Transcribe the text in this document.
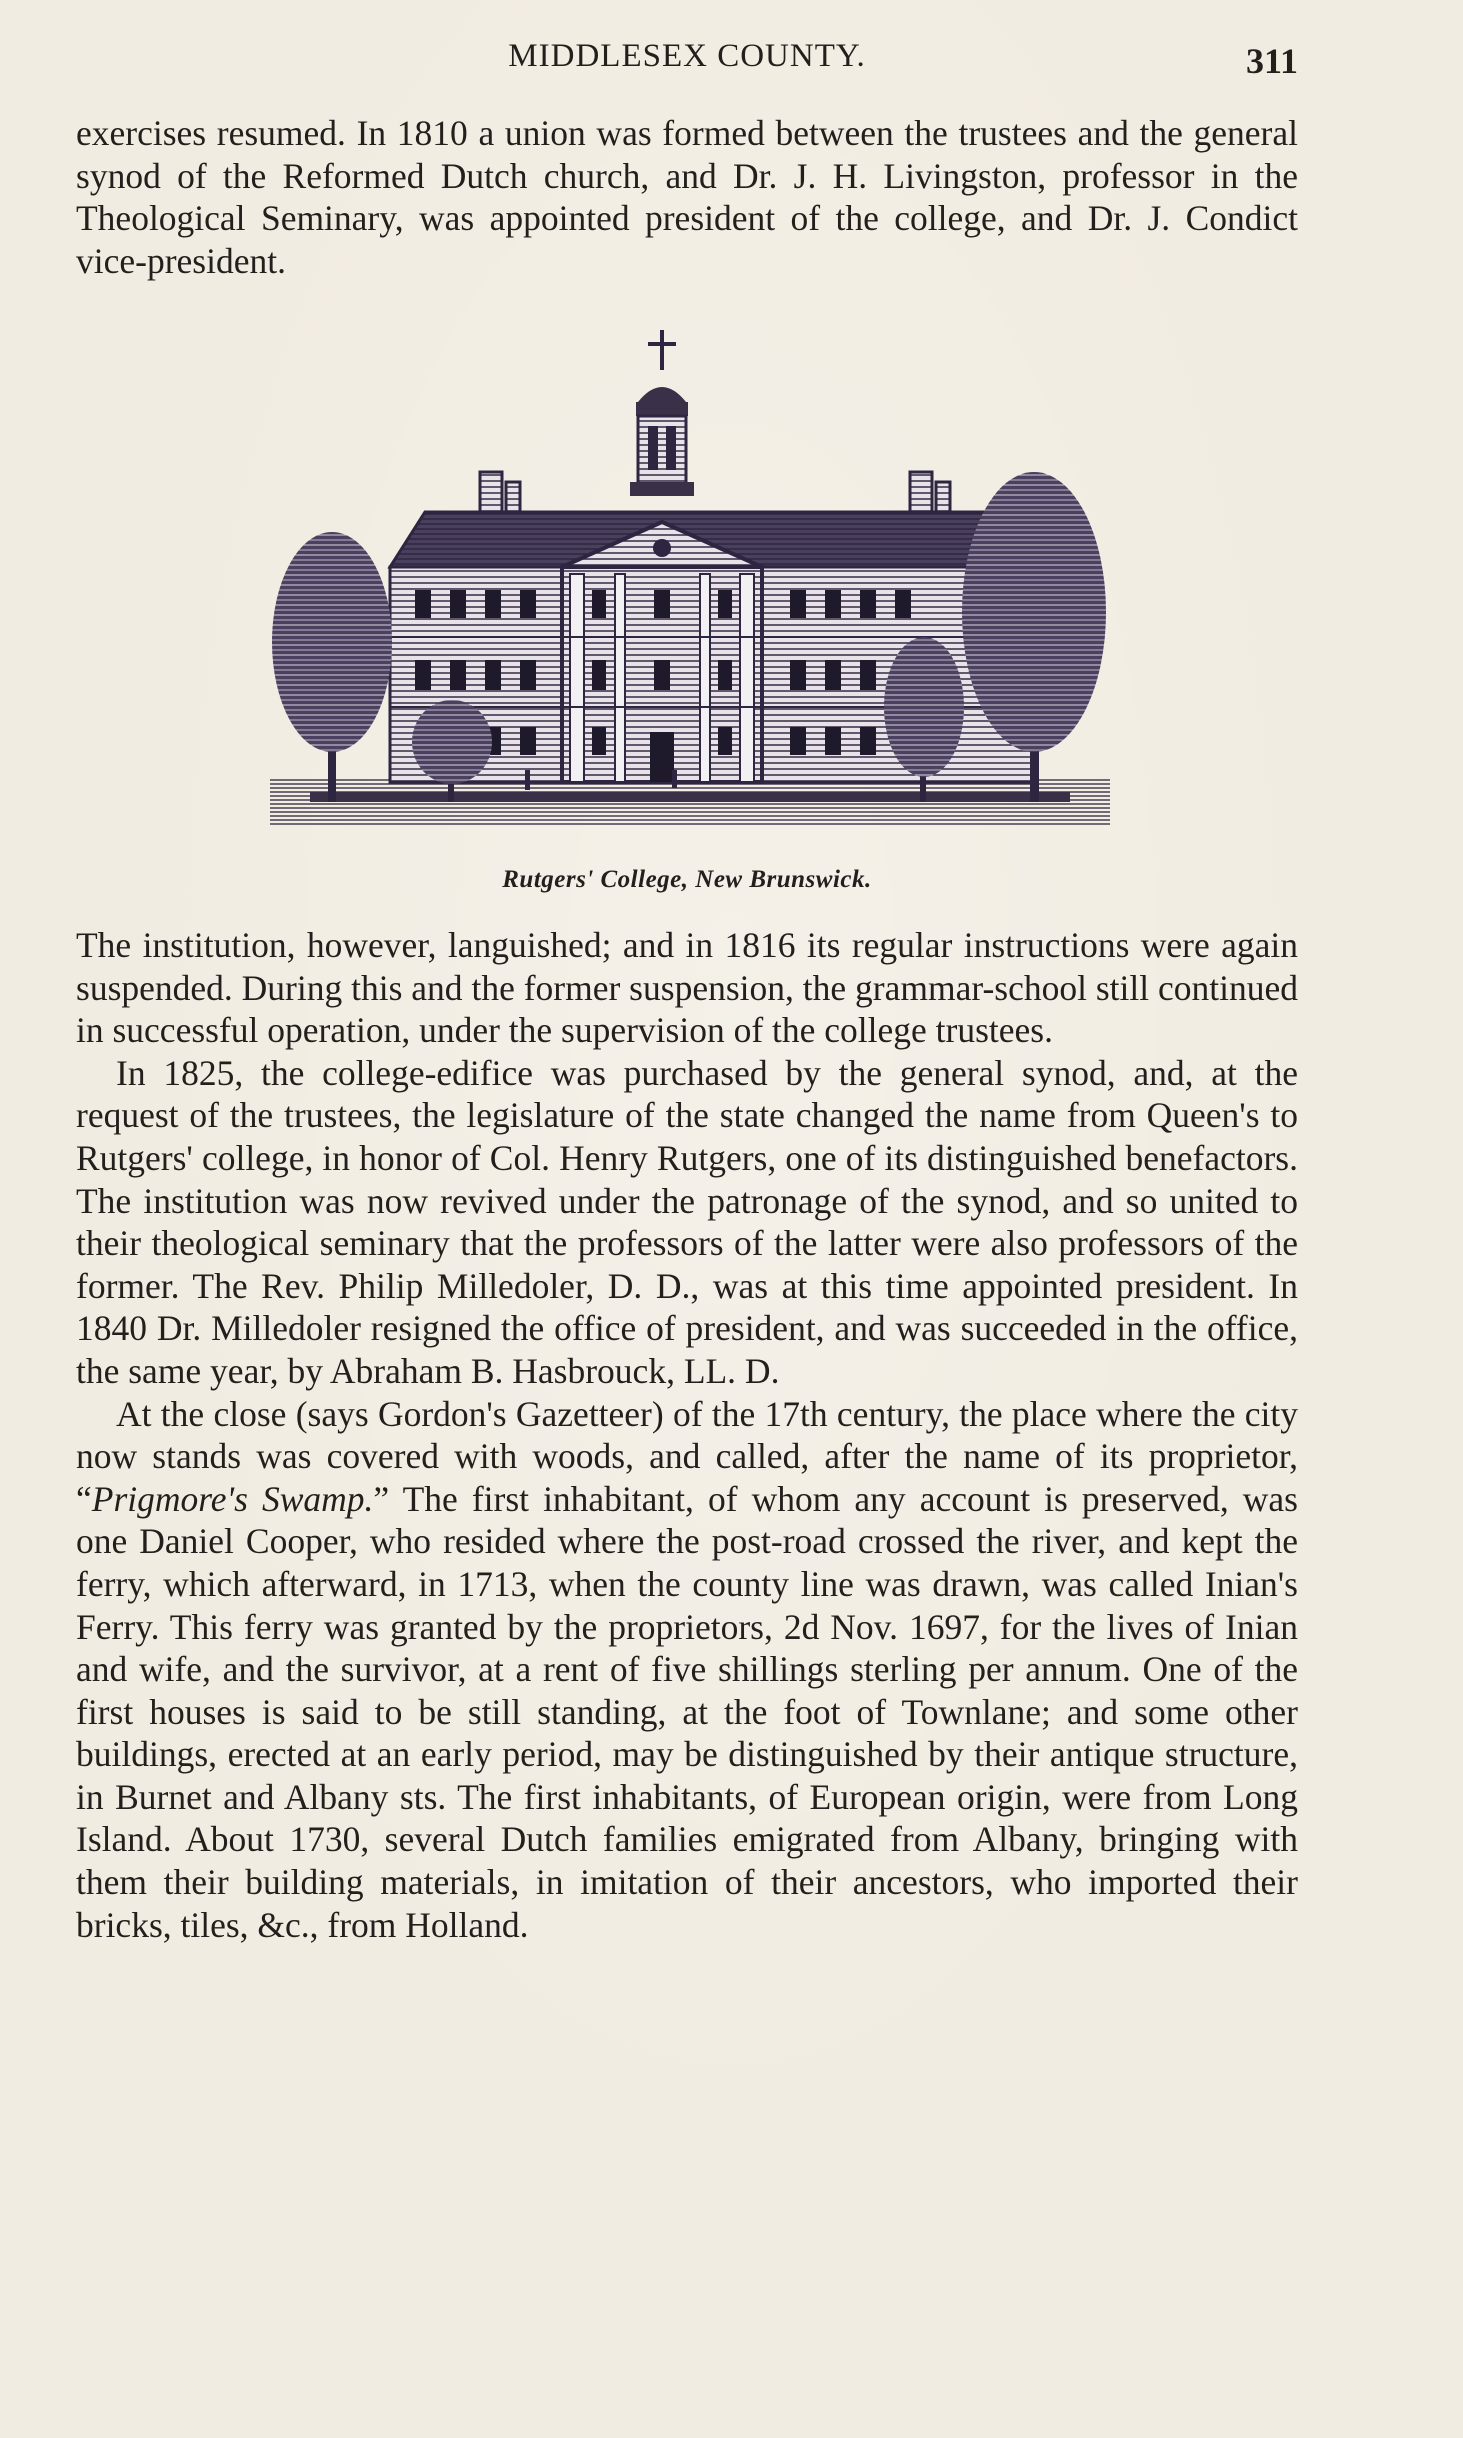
MIDDLESEX COUNTY.	311

exercises resumed. In 1810 a union was formed between the trustees and the general synod of the Reformed Dutch church, and Dr. J. H. Livingston, professor in the Theological Seminary, was appointed president of the college, and Dr. J. Condict vice-president.

Rutgers' College, New Brunswick.

The institution, however, languished; and in 1816 its regular instructions were again suspended. During this and the former suspension, the grammar-school still continued in successful operation, under the supervision of the college trustees.

In 1825, the college-edifice was purchased by the general synod, and, at the request of the trustees, the legislature of the state changed the name from Queen's to Rutgers' college, in honor of Col. Henry Rutgers, one of its distinguished benefactors. The institution was now revived under the patronage of the synod, and so united to their theological seminary that the professors of the latter were also professors of the former. The Rev. Philip Milledoler, D. D., was at this time appointed president. In 1840 Dr. Milledoler resigned the office of president, and was succeeded in the office, the same year, by Abraham B. Hasbrouck, LL. D.

At the close (says Gordon's Gazetteer) of the 17th century, the place where the city now stands was covered with woods, and called, after the name of its proprietor, “Prigmore's Swamp.” The first inhabitant, of whom any account is preserved, was one Daniel Cooper, who resided where the post-road crossed the river, and kept the ferry, which afterward, in 1713, when the county line was drawn, was called Inian's Ferry. This ferry was granted by the proprietors, 2d Nov. 1697, for the lives of Inian and wife, and the survivor, at a rent of five shillings sterling per annum. One of the first houses is said to be still standing, at the foot of Townlane; and some other buildings, erected at an early period, may be distinguished by their antique structure, in Burnet and Albany sts. The first inhabitants, of European origin, were from Long Island. About 1730, several Dutch families emigrated from Albany, bringing with them their building materials, in imitation of their ancestors, who imported their bricks, tiles, &c., from Holland.
